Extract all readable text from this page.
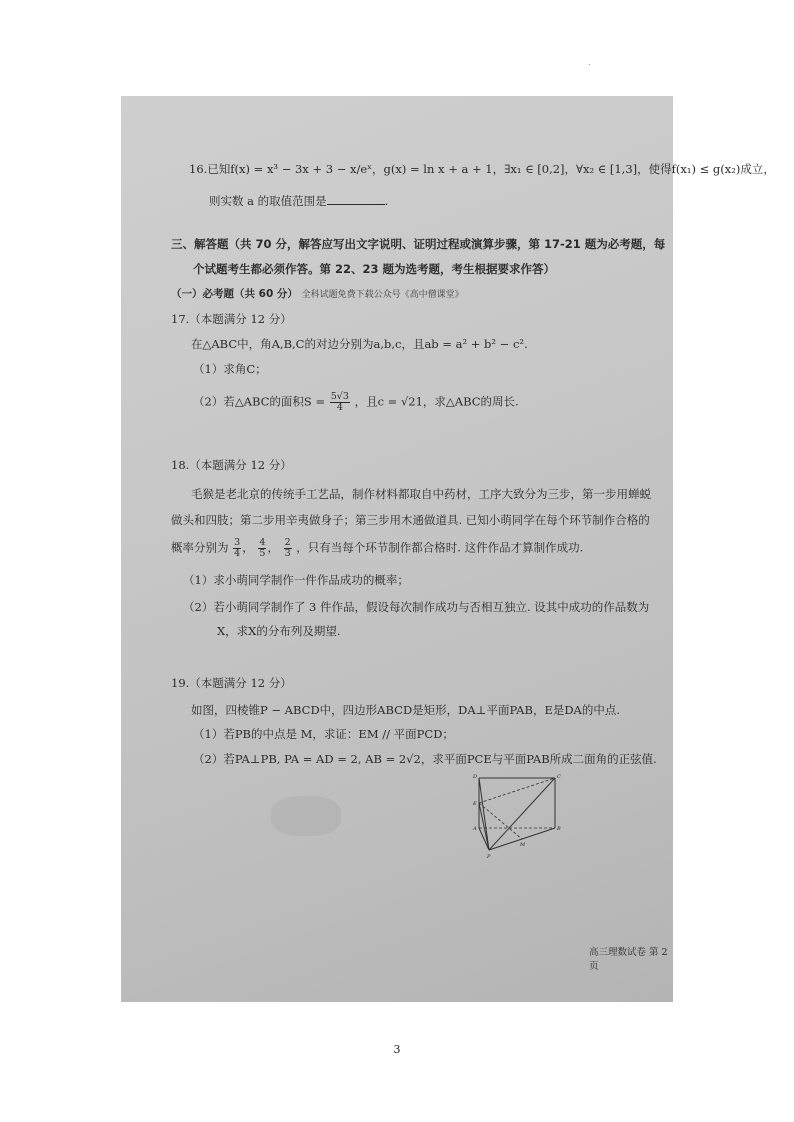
.
16.已知f(x) = x³ − 3x + 3 − x/eˣ，g(x) = ln x + a + 1，∃x₁ ∈ [0,2]，∀x₂ ∈ [1,3]，使得f(x₁) ≤ g(x₂)成立，
则实数 a 的取值范围是	.
三、解答题（共 70 分，解答应写出文字说明、证明过程或演算步骤，第 17-21 题为必考题，每
个试题考生都必须作答。第 22、23 题为选考题，考生根据要求作答）
（一）必考题（共 60 分） 全科试题免费下载公众号《高中僧课堂》
17.（本题满分 12 分）
在△ABC中，角A,B,C的对边分别为a,b,c，且ab = a² + b² − c².
（1）求角C；
（2）若△ABC的面积$S = \frac{5√3}{4}$ ，且c = √21，求△ABC的周长.
18.（本题满分 12 分）
毛猴是老北京的传统手工艺品，制作材料都取自中药材，工序大致分为三步，第一步用蝉蜕
做头和四肢；第二步用辛夷做身子；第三步用木通做道具. 已知小萌同学在每个环节制作合格的
概率分别为 $\frac{3}{4}$ ， $\frac{4}{5}$ ， $\frac{2}{3}$ ，只有当每个环节制作都合格时. 这件作品才算制作成功.
（1）求小萌同学制作一件作品成功的概率；
（2）若小萌同学制作了 3 件作品，假设每次制作成功与否相互独立. 设其中成功的作品数为
X，求X的分布列及期望.
19.（本题满分 12 分）
如图，四棱锥P − ABCD中，四边形ABCD是矩形，DA⊥平面PAB，E是DA的中点.
（1）若PB的中点是 M，求证：EM // 平面PCD；
（2）若PA⊥PB, PA = AD = 2, AB = 2√2，求平面PCE与平面PAB所成二面角的正弦值.
D	C
E
A	B
M
P
高三理数试卷 第 2 页
3
